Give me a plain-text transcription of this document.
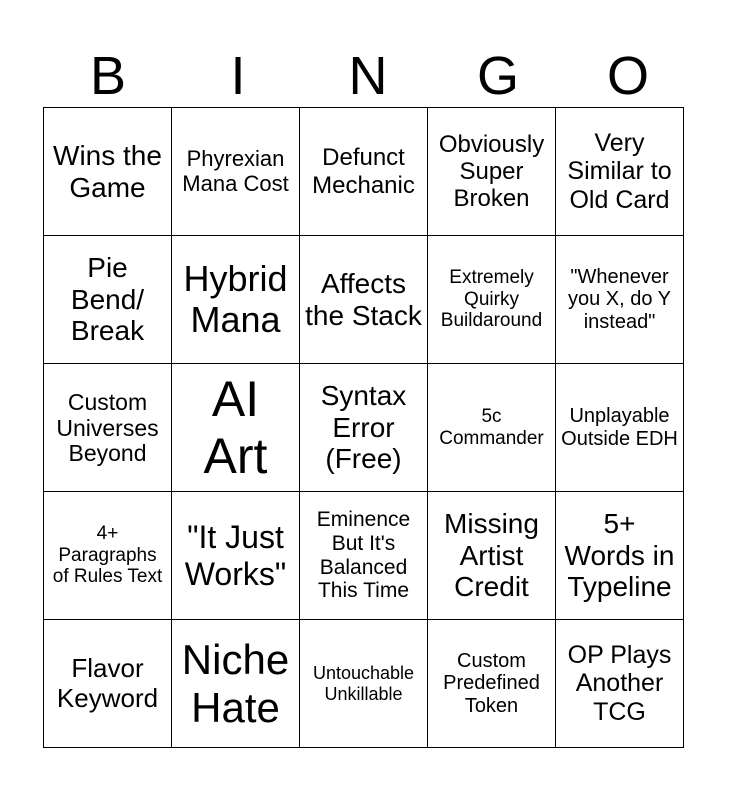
B	I	N	G	O
Wins the Game	Phyrexian Mana Cost	Defunct Mechanic	Obviously Super Broken	Very Similar to Old Card
Pie Bend/ Break	Hybrid Mana	Affects the Stack	Extremely Quirky Buildaround	"Whenever you X, do Y instead"
Custom Universes Beyond	AI Art	Syntax Error (Free)	5c Commander	Unplayable Outside EDH
4+ Paragraphs of Rules Text	"It Just Works"	Eminence But It's Balanced This Time	Missing Artist Credit	5+ Words in Typeline
Flavor Keyword	Niche Hate	Untouchable Unkillable	Custom Predefined Token	OP Plays Another TCG
